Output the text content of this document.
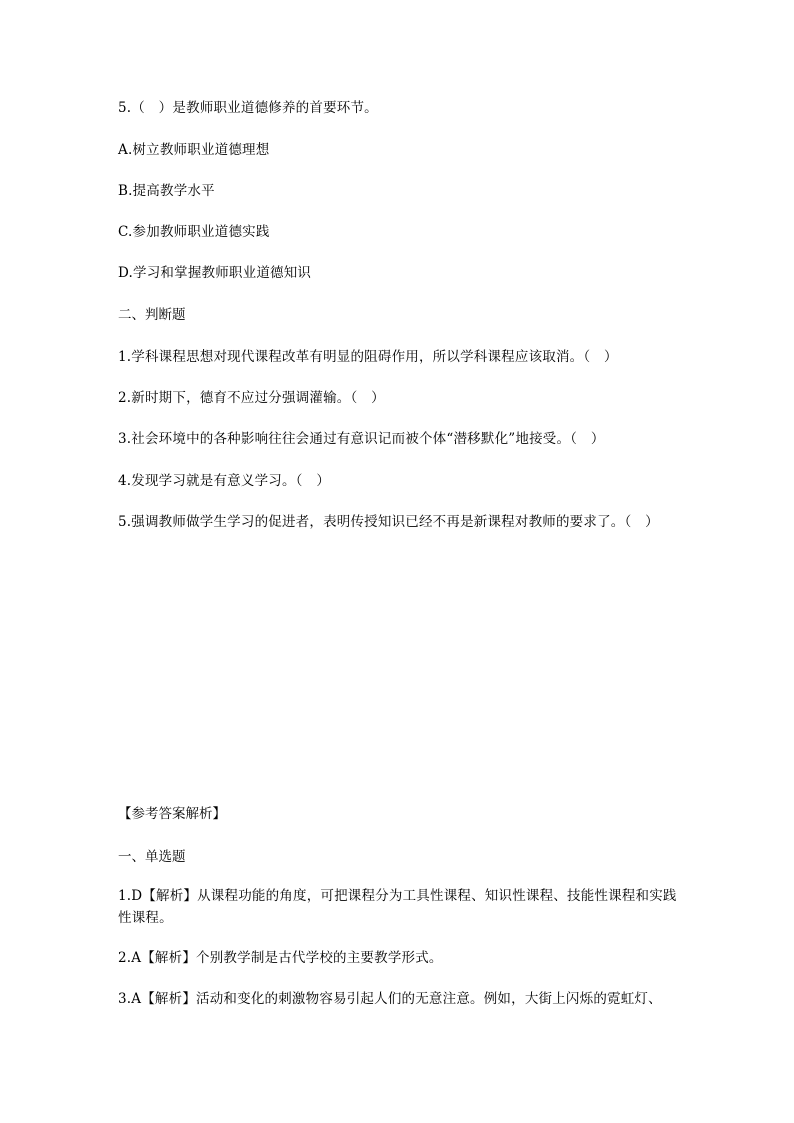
5.（　）是教师职业道德修养的首要环节。
A.树立教师职业道德理想
B.提高教学水平
C.参加教师职业道德实践
D.学习和掌握教师职业道德知识
二、判断题
1.学科课程思想对现代课程改革有明显的阻碍作用，所以学科课程应该取消。（　）
2.新时期下，德育不应过分强调灌输。（　）
3.社会环境中的各种影响往往会通过有意识记而被个体“潜移默化”地接受。（　）
4.发现学习就是有意义学习。（　）
5.强调教师做学生学习的促进者，表明传授知识已经不再是新课程对教师的要求了。（　）
【参考答案解析】
一、单选题
1.D【解析】从课程功能的角度，可把课程分为工具性课程、知识性课程、技能性课程和实践性课程。
2.A【解析】个别教学制是古代学校的主要教学形式。
3.A【解析】活动和变化的刺激物容易引起人们的无意注意。例如，大街上闪烁的霓虹灯、
